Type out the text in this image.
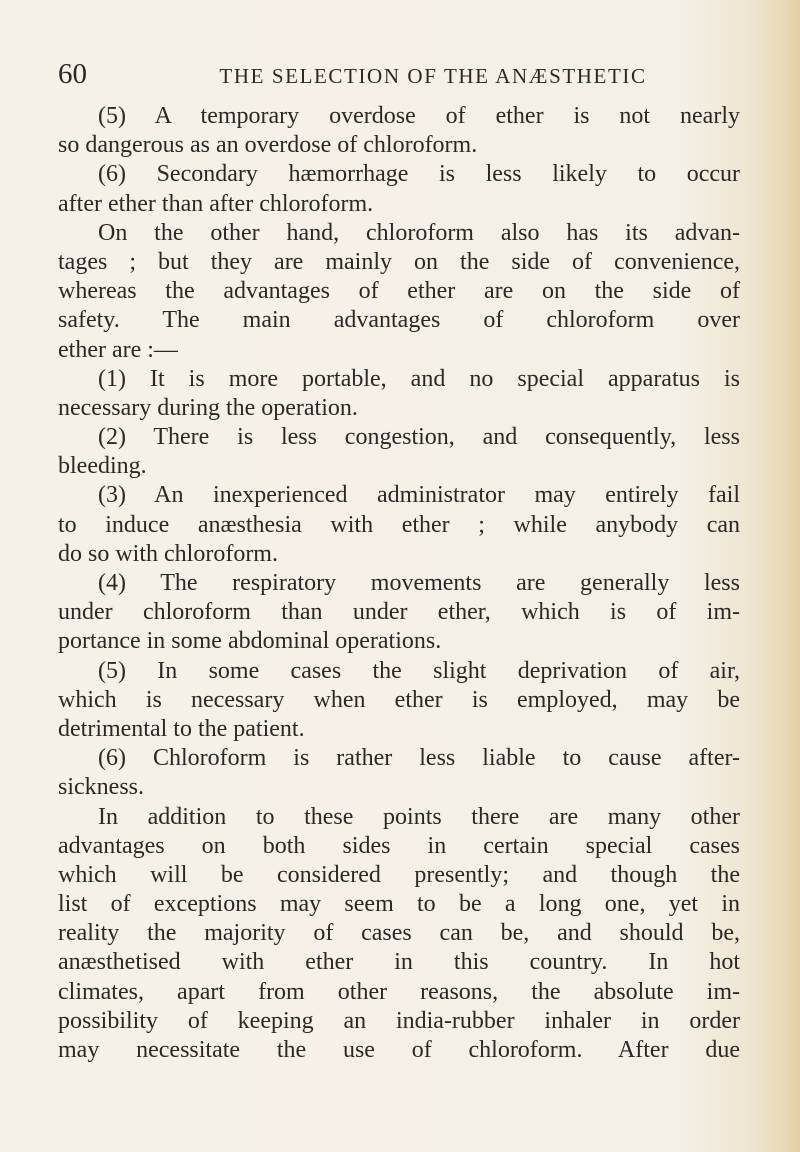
60	THE SELECTION OF THE ANÆSTHETIC
(5) A temporary overdose of ether is not nearly
so dangerous as an overdose of chloroform.
(6) Secondary hæmorrhage is less likely to occur
after ether than after chloroform.
On the other hand, chloroform also has its advan-
tages ; but they are mainly on the side of convenience,
whereas the advantages of ether are on the side of
safety. The main advantages of chloroform over
ether are :—
(1) It is more portable, and no special apparatus is
necessary during the operation.
(2) There is less congestion, and consequently, less
bleeding.
(3) An inexperienced administrator may entirely fail
to induce anæsthesia with ether ; while anybody can
do so with chloroform.
(4) The respiratory movements are generally less
under chloroform than under ether, which is of im-
portance in some abdominal operations.
(5) In some cases the slight deprivation of air,
which is necessary when ether is employed, may be
detrimental to the patient.
(6) Chloroform is rather less liable to cause after-
sickness.
In addition to these points there are many other
advantages on both sides in certain special cases
which will be considered presently; and though the
list of exceptions may seem to be a long one, yet in
reality the majority of cases can be, and should be,
anæsthetised with ether in this country. In hot
climates, apart from other reasons, the absolute im-
possibility of keeping an india-rubber inhaler in order
may necessitate the use of chloroform. After due
